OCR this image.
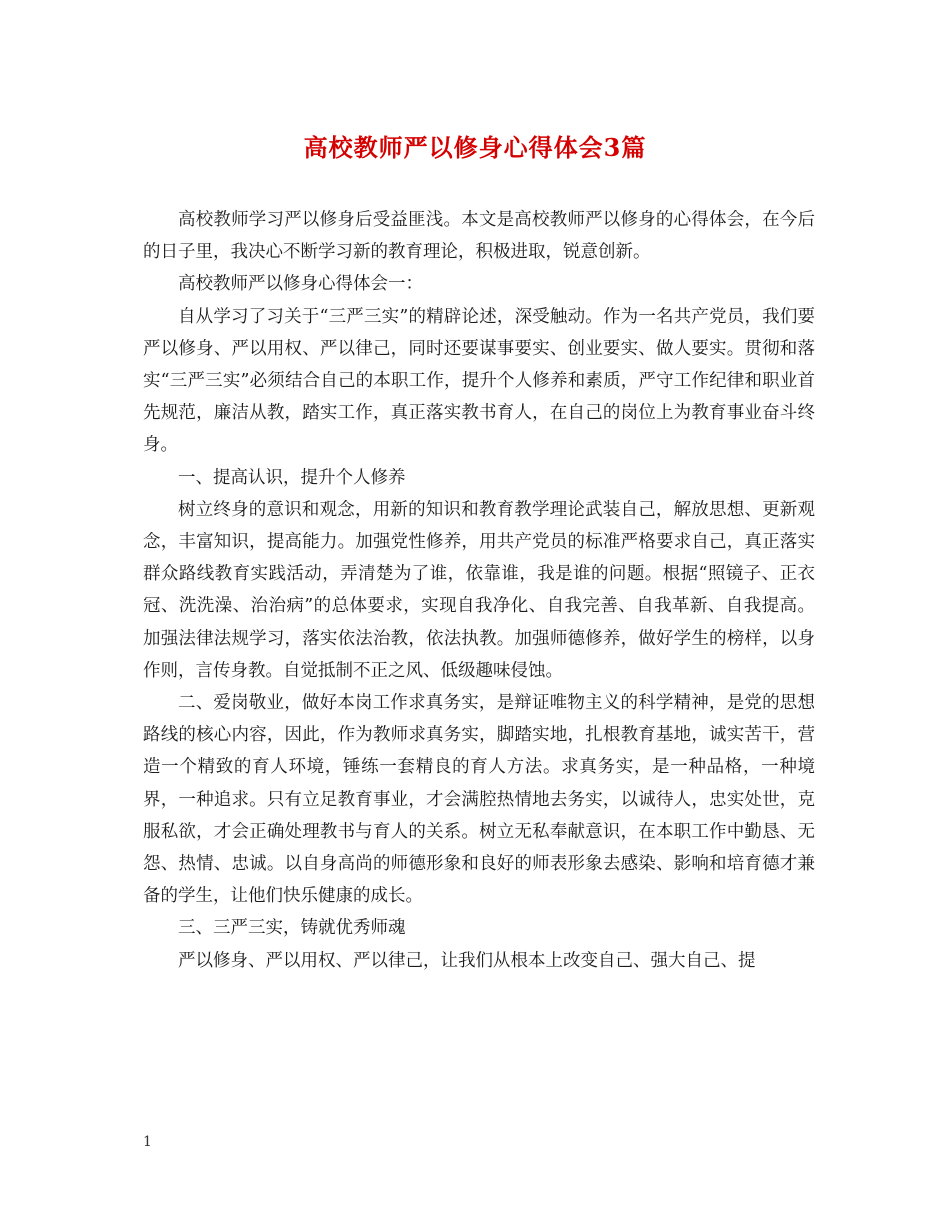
高校教师严以修身心得体会3篇

高校教师学习严以修身后受益匪浅。本文是高校教师严以修身的心得体会，在今后的日子里，我决心不断学习新的教育理论，积极进取，锐意创新。

高校教师严以修身心得体会一：

自从学习了习关于“三严三实”的精辟论述，深受触动。作为一名共产党员，我们要严以修身、严以用权、严以律己，同时还要谋事要实、创业要实、做人要实。贯彻和落实“三严三实”必须结合自己的本职工作，提升个人修养和素质，严守工作纪律和职业首先规范，廉洁从教，踏实工作，真正落实教书育人，在自己的岗位上为教育事业奋斗终身。

一、提高认识，提升个人修养

树立终身的意识和观念，用新的知识和教育教学理论武装自己，解放思想、更新观念，丰富知识，提高能力。加强党性修养，用共产党员的标准严格要求自己，真正落实群众路线教育实践活动，弄清楚为了谁，依靠谁，我是谁的问题。根据“照镜子、正衣冠、洗洗澡、治治病”的总体要求，实现自我净化、自我完善、自我革新、自我提高。加强法律法规学习，落实依法治教，依法执教。加强师德修养，做好学生的榜样，以身作则，言传身教。自觉抵制不正之风、低级趣味侵蚀。

二、爱岗敬业，做好本岗工作求真务实，是辩证唯物主义的科学精神，是党的思想路线的核心内容，因此，作为教师求真务实，脚踏实地，扎根教育基地，诚实苦干，营造一个精致的育人环境，锤练一套精良的育人方法。求真务实，是一种品格，一种境界，一种追求。只有立足教育事业，才会满腔热情地去务实，以诚待人，忠实处世，克服私欲，才会正确处理教书与育人的关系。树立无私奉献意识，在本职工作中勤恳、无怨、热情、忠诚。以自身高尚的师德形象和良好的师表形象去感染、影响和培育德才兼备的学生，让他们快乐健康的成长。

三、三严三实，铸就优秀师魂

严以修身、严以用权、严以律己，让我们从根本上改变自己、强大自己、提

1
